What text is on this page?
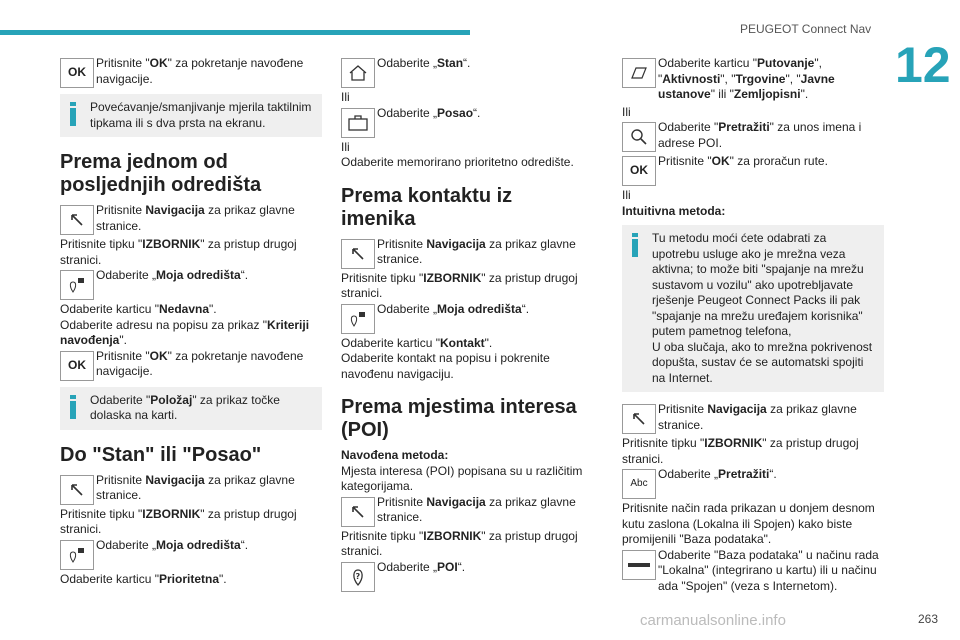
PEUGEOT Connect Nav
12
OK
Pritisnite "OK" za pokretanje navođene navigacije.
Povećavanje/smanjivanje mjerila taktilnim tipkama ili s dva prsta na ekranu.
Prema jednom od posljednjih odredišta
Pritisnite Navigacija za prikaz glavne stranice.

Pritisnite tipku "IZBORNIK" za pristup drugoj stranici.

Odaberite „Moja odredišta“.

Odaberite karticu "Nedavna".

Odaberite adresu na popisu za prikaz "Kriteriji navođenja".

OK
Pritisnite "OK" za pokretanje navođene navigacije.
Odaberite "Položaj" za prikaz točke dolaska na karti.
Do "Stan" ili "Posao"
Pritisnite Navigacija za prikaz glavne stranice.

Pritisnite tipku "IZBORNIK" za pristup drugoj stranici.

Odaberite „Moja odredišta“.

Odaberite karticu "Prioritetna".

Odaberite „Stan“.

Ili

Odaberite „Posao“.

Ili

Odaberite memorirano prioritetno odredište.

Prema kontaktu iz imenika
Pritisnite Navigacija za prikaz glavne stranice.

Pritisnite tipku "IZBORNIK" za pristup drugoj stranici.

Odaberite „Moja odredišta“.

Odaberite karticu "Kontakt".

Odaberite kontakt na popisu i pokrenite navođenu navigaciju.

Prema mjestima interesa (POI)

Navođena metoda:

Mjesta interesa (POI) popisana su u različitim kategorijama.

Pritisnite Navigacija za prikaz glavne stranice.

Pritisnite tipku "IZBORNIK" za pristup drugoj stranici.

?
Odaberite „POI“.
Odaberite karticu "Putovanje", "Aktivnosti", "Trgovine", "Javne ustanove" ili "Zemljopisni".

Ili

Odaberite "Pretražiti" za unos imena i adrese POI.
OK
Pritisnite "OK" za proračun rute.

Ili

Intuitivna metoda:

Tu metodu moći ćete odabrati za upotrebu usluge ako je mrežna veza aktivna; to može biti "spajanje na mrežu sustavom u vozilu" ako upotrebljavate rješenje Peugeot Connect Packs ili pak "spajanje na mrežu uređajem korisnika" putem pametnog telefona,
U oba slučaja, ako to mrežna pokrivenost dopušta, sustav će se automatski spojiti na Internet.
Pritisnite Navigacija za prikaz glavne stranice.

Pritisnite tipku "IZBORNIK" za pristup drugoj stranici.

Abc
Odaberite „Pretražiti“.

Pritisnite način rada prikazan u donjem desnom kutu zaslona (Lokalna ili Spojen) kako biste promijenili "Baza podataka".

Odaberite "Baza podataka" u načinu rada "Lokalna" (integrirano u kartu) ili u načinu ada "Spojen" (veza s Internetom).
carmanualsonline.info	263
